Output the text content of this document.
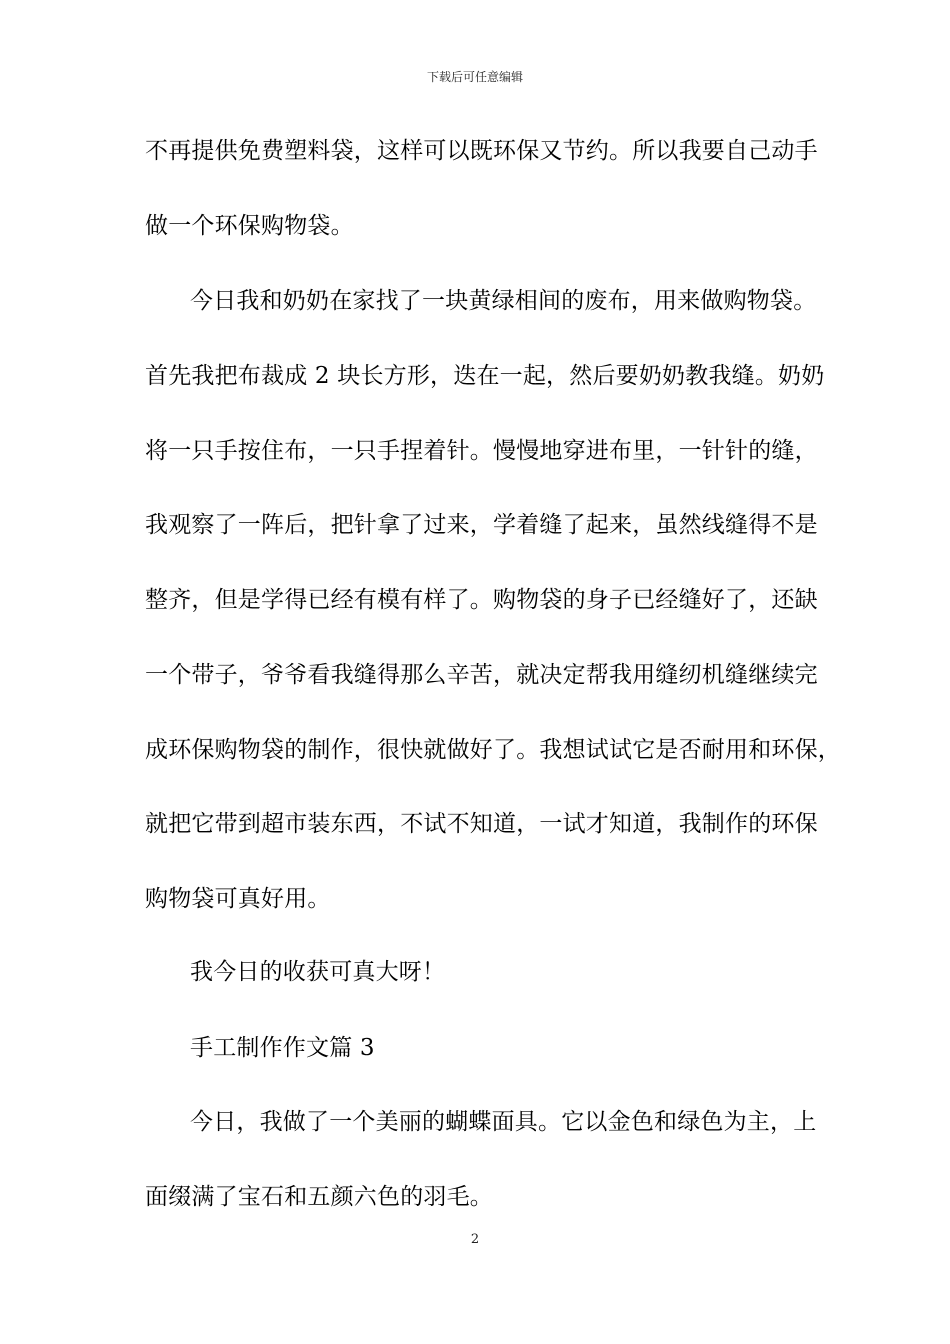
下载后可任意编辑
不再提供免费塑料袋，这样可以既环保又节约。所以我要自己动手
做一个环保购物袋。
今日我和奶奶在家找了一块黄绿相间的废布，用来做购物袋。
首先我把布裁成 2 块长方形，迭在一起，然后要奶奶教我缝。奶奶
将一只手按住布，一只手捏着针。慢慢地穿进布里，一针针的缝，
我观察了一阵后，把针拿了过来，学着缝了起来，虽然线缝得不是
整齐，但是学得已经有模有样了。购物袋的身子已经缝好了，还缺
一个带子，爷爷看我缝得那么辛苦，就决定帮我用缝纫机缝继续完
成环保购物袋的制作，很快就做好了。我想试试它是否耐用和环保，
就把它带到超市装东西，不试不知道，一试才知道，我制作的环保
购物袋可真好用。
我今日的收获可真大呀！
手工制作作文篇 3
今日，我做了一个美丽的蝴蝶面具。它以金色和绿色为主，上
面缀满了宝石和五颜六色的羽毛。
2
